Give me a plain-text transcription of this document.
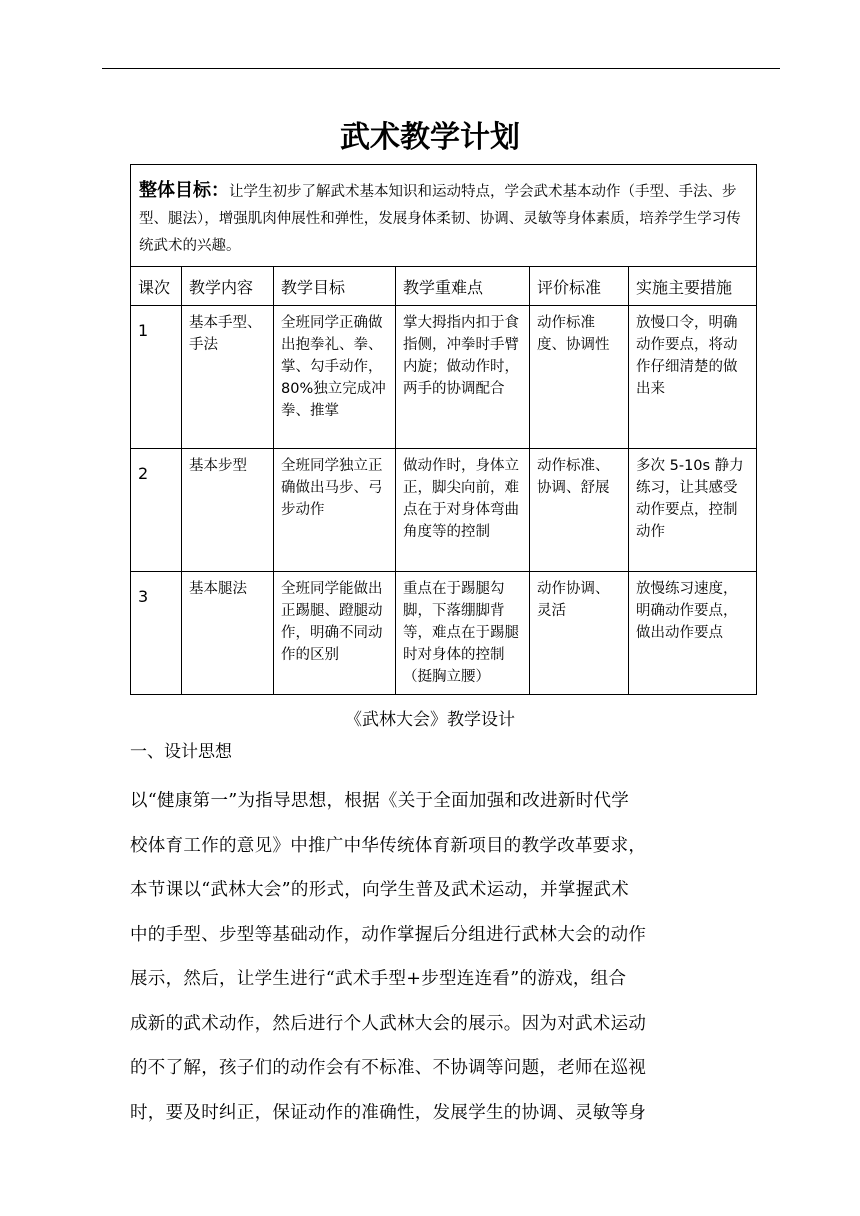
武术教学计划
整体目标：让学生初步了解武术基本知识和运动特点，学会武术基本动作（手型、手法、步型、腿法），增强肌肉伸展性和弹性，发展身体柔韧、协调、灵敏等身体素质，培养学生学习传统武术的兴趣。					
课次	教学内容	教学目标	教学重难点	评价标准	实施主要措施
1	基本手型、手法	全班同学正确做出抱拳礼、拳、掌、勾手动作，80%独立完成冲拳、推掌	掌大拇指内扣于食指侧，冲拳时手臂内旋；做动作时，两手的协调配合	动作标准度、协调性	放慢口令，明确动作要点，将动作仔细清楚的做出来
2	基本步型	全班同学独立正确做出马步、弓步动作	做动作时，身体立正，脚尖向前，难点在于对身体弯曲角度等的控制	动作标准、协调、舒展	多次 5-10s 静力练习，让其感受动作要点，控制动作
3	基本腿法	全班同学能做出正踢腿、蹬腿动作，明确不同动作的区别	重点在于踢腿勾脚，下落绷脚背等，难点在于踢腿时对身体的控制（挺胸立腰）	动作协调、灵活	放慢练习速度，明确动作要点，做出动作要点
《武林大会》教学设计
一、设计思想
以“健康第一”为指导思想，根据《关于全面加强和改进新时代学
校体育工作的意见》中推广中华传统体育新项目的教学改革要求，
本节课以“武林大会”的形式，向学生普及武术运动，并掌握武术
中的手型、步型等基础动作，动作掌握后分组进行武林大会的动作
展示，然后，让学生进行“武术手型+步型连连看”的游戏，组合
成新的武术动作，然后进行个人武林大会的展示。因为对武术运动
的不了解，孩子们的动作会有不标准、不协调等问题，老师在巡视
时，要及时纠正，保证动作的准确性，发展学生的协调、灵敏等身
